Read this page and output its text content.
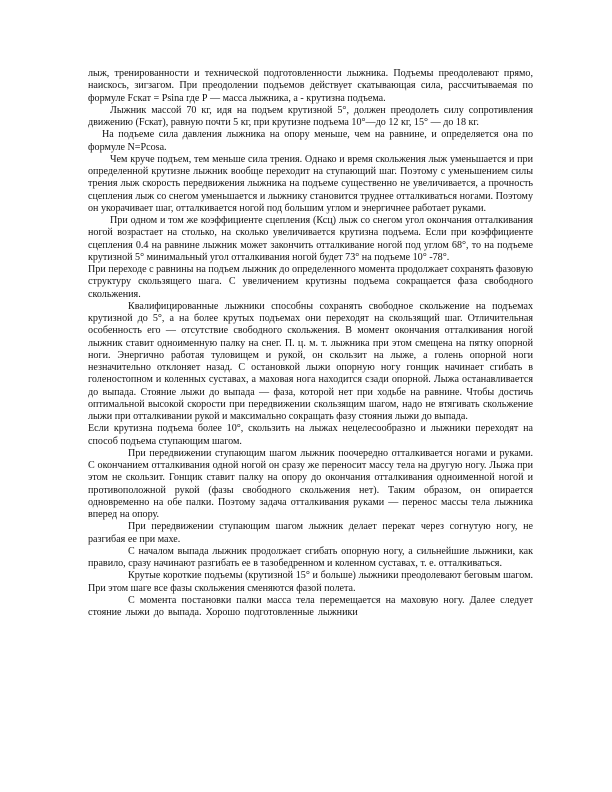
лыж, тренированности и технической подготовленности лыжника. Подъемы преодолевают прямо, наискось, зигзагом. При преодолении подъемов действует скатывающая сила, рассчитываемая по формуле Fскат = Psina где Р — масса лыжника, а - крутизна подъема.

Лыжник массой 70 кг, идя на подъем крутизной 5°, должен преодолеть силу сопротивления движению (Fскат), равную почти 5 кг, при крутизне подъема 10°—до 12 кг, 15° — до 18 кг.

На подъеме сила давления лыжника на опору меньше, чем на равнине, и определяется она по формуле N=Pcosa.

Чем круче подъем, тем меньше сила трения. Однако и время скольжения лыж уменьшается и при определенной крутизне лыжник вообще переходит на ступающий шаг. Поэтому с уменьшением силы трения лыж скорость передвижения лыжника на подъеме существенно не увеличивается, а прочность сцепления лыж со снегом уменьшается и лыжнику становится труднее отталкиваться ногами. Поэтому он укорачивает шаг, отталкивается ногой под большим углом и энергичнее работает руками.

При одном и том же коэффициенте сцепления (Ксц) лыж со снегом угол окончания отталкивания ногой возрастает на столько, на сколько увеличивается крутизна подъема. Если при коэффициенте сцепления 0.4 на равнине лыжник может закончить отталкивание ногой под углом 68°, то на подъеме крутизной 5° минимальный угол отталкивания ногой будет 73° на подъеме 10° -78°.

При переходе с равнины на подъем лыжник до определенного момента продолжает сохранять фазовую структуру скользящего шага. С увеличением крутизны подъема сокращается фаза свободного скольжения.

Квалифицированные лыжники способны сохранять свободное скольжение на подъемах крутизной до 5°, а на более крутых подъемах они переходят на скользящий шаг. Отличительная особенность его — отсутствие свободного скольжения. В момент окончания отталкивания ногой лыжник ставит одноименную палку на снег. П. ц. м. т. лыжника при этом смещена на пятку опорной ноги. Энергично работая туловищем и рукой, он скользит на лыже, а голень опорной ноги незначительно отклоняет назад. С остановкой лыжи опорную ногу гонщик начинает сгибать в голеностопном и коленных суставах, а маховая нога находится сзади опорной. Лыжа останавливается до выпада. Стояние лыжи до выпада — фаза, которой нет при ходьбе на равнине. Чтобы достичь оптимальной высокой скорости при передвижении скользящим шагом, надо не втягивать скольжение лыжи при отталкивании рукой и максимально сокращать фазу стояния лыжи до выпада.

Если крутизна подъема более 10°, скользить на лыжах нецелесообразно и лыжники переходят на способ подъема ступающим шагом.

При передвижении ступающим шагом лыжник поочередно отталкивается ногами и руками. С окончанием отталкивания одной ногой он сразу же переносит массу тела на другую ногу. Лыжа при этом не скользит. Гонщик ставит палку на опору до окончания отталкивания одноименной ногой и противоположной рукой (фазы свободного скольжения нет). Таким образом, он опирается одновременно на обе палки. Поэтому задача отталкивания руками — перенос массы тела лыжника вперед на опору.

При передвижении ступающим шагом лыжник делает перекат через согнутую ногу, не разгибая ее при махе.

С началом выпада лыжник продолжает сгибать опорную ногу, а сильнейшие лыжники, как правило, сразу начинают разгибать ее в тазобедренном и коленном суставах, т. е. отталкиваться.

Крутые короткие подъемы (крутизной 15° и больше) лыжники преодолевают беговым шагом. При этом шаге все фазы скольжения сменяются фазой полета.

С момента постановки палки масса тела перемещается на маховую ногу. Далее следует стояние лыжи до выпада. Хорошо подготовленные лыжники
